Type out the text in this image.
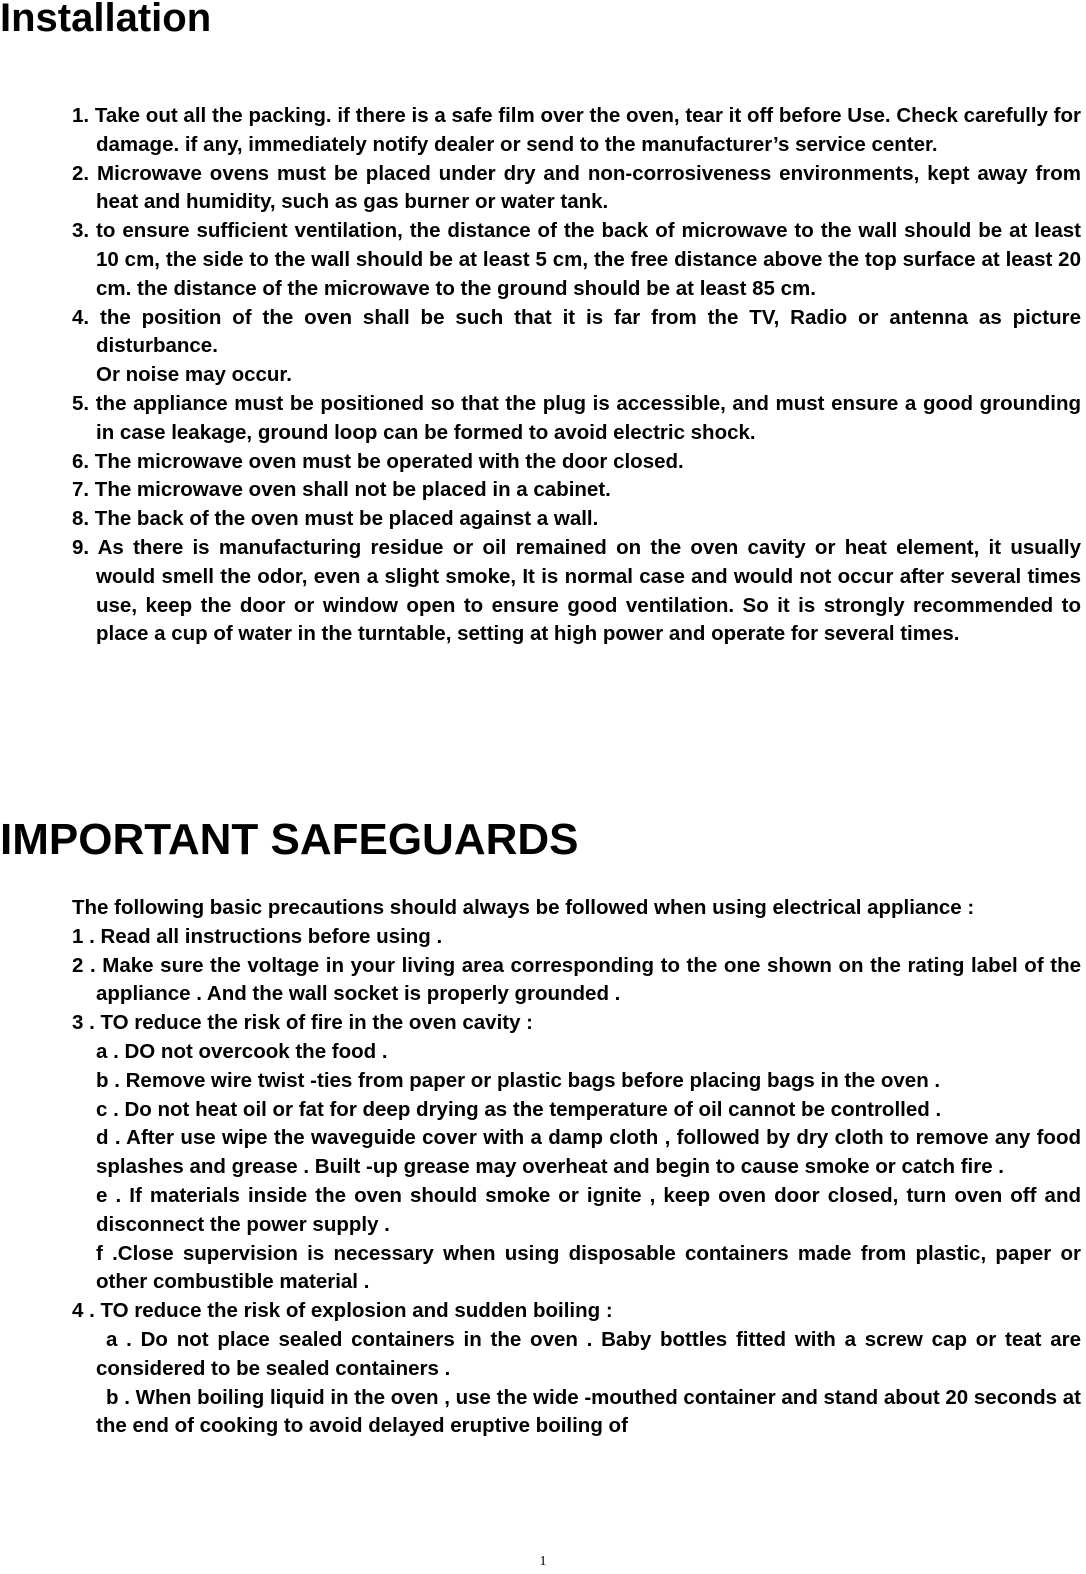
Installation

1. Take out all the packing. if there is a safe film over the oven, tear it off before Use. Check carefully for damage. if any, immediately notify dealer or send to the manufacturer’s service center.

2. Microwave ovens must be placed under dry and non-corrosiveness environments, kept away from heat and humidity, such as gas burner or water tank.

3. to ensure sufficient ventilation, the distance of the back of microwave to the wall should be at least 10 cm, the side to the wall should be at least 5 cm, the free distance above the top surface at least 20 cm. the distance of the microwave to the ground should be at least 85 cm.

4. the position of the oven shall be such that it is far from the TV, Radio or antenna as picture disturbance.

Or noise may occur.

5. the appliance must be positioned so that the plug is accessible, and must ensure a good grounding in case leakage, ground loop can be formed to avoid electric shock.

6. The microwave oven must be operated with the door closed.

7. The microwave oven shall not be placed in a cabinet.

8. The back of the oven must be placed against a wall.

9. As there is manufacturing residue or oil remained on the oven cavity or heat element, it usually would smell the odor, even a slight smoke, It is normal case and would not occur after several times use, keep the door or window open to ensure good ventilation. So it is strongly recommended to place a cup of water in the turntable, setting at high power and operate for several times.

IMPORTANT SAFEGUARDS

The following basic precautions should always be followed when using electrical appliance :

1 . Read all instructions before using .

2 . Make sure the voltage in your living area corresponding to the one shown on the rating label of the appliance . And the wall socket is properly grounded .

3 . TO reduce the risk of fire in the oven cavity :

a . DO not overcook the food .

b . Remove wire twist -ties from paper or plastic bags before placing bags in the oven .

c . Do not heat oil or fat for deep drying as the temperature of oil cannot be controlled .

d . After use wipe the waveguide cover with a damp cloth , followed by dry cloth to remove any food splashes and grease . Built -up grease may overheat and begin to cause smoke or catch fire .

e . If materials inside the oven should smoke or ignite , keep oven door closed, turn oven off and disconnect the power supply .

f .Close supervision is necessary when using disposable containers made from plastic, paper or other combustible material .

4 . TO reduce the risk of explosion and sudden boiling :

a . Do not place sealed containers in the oven . Baby bottles fitted with a screw cap or teat are considered to be sealed containers .

b . When boiling liquid in the oven , use the wide -mouthed container and stand about 20 seconds at the end of cooking to avoid delayed eruptive boiling of

1
